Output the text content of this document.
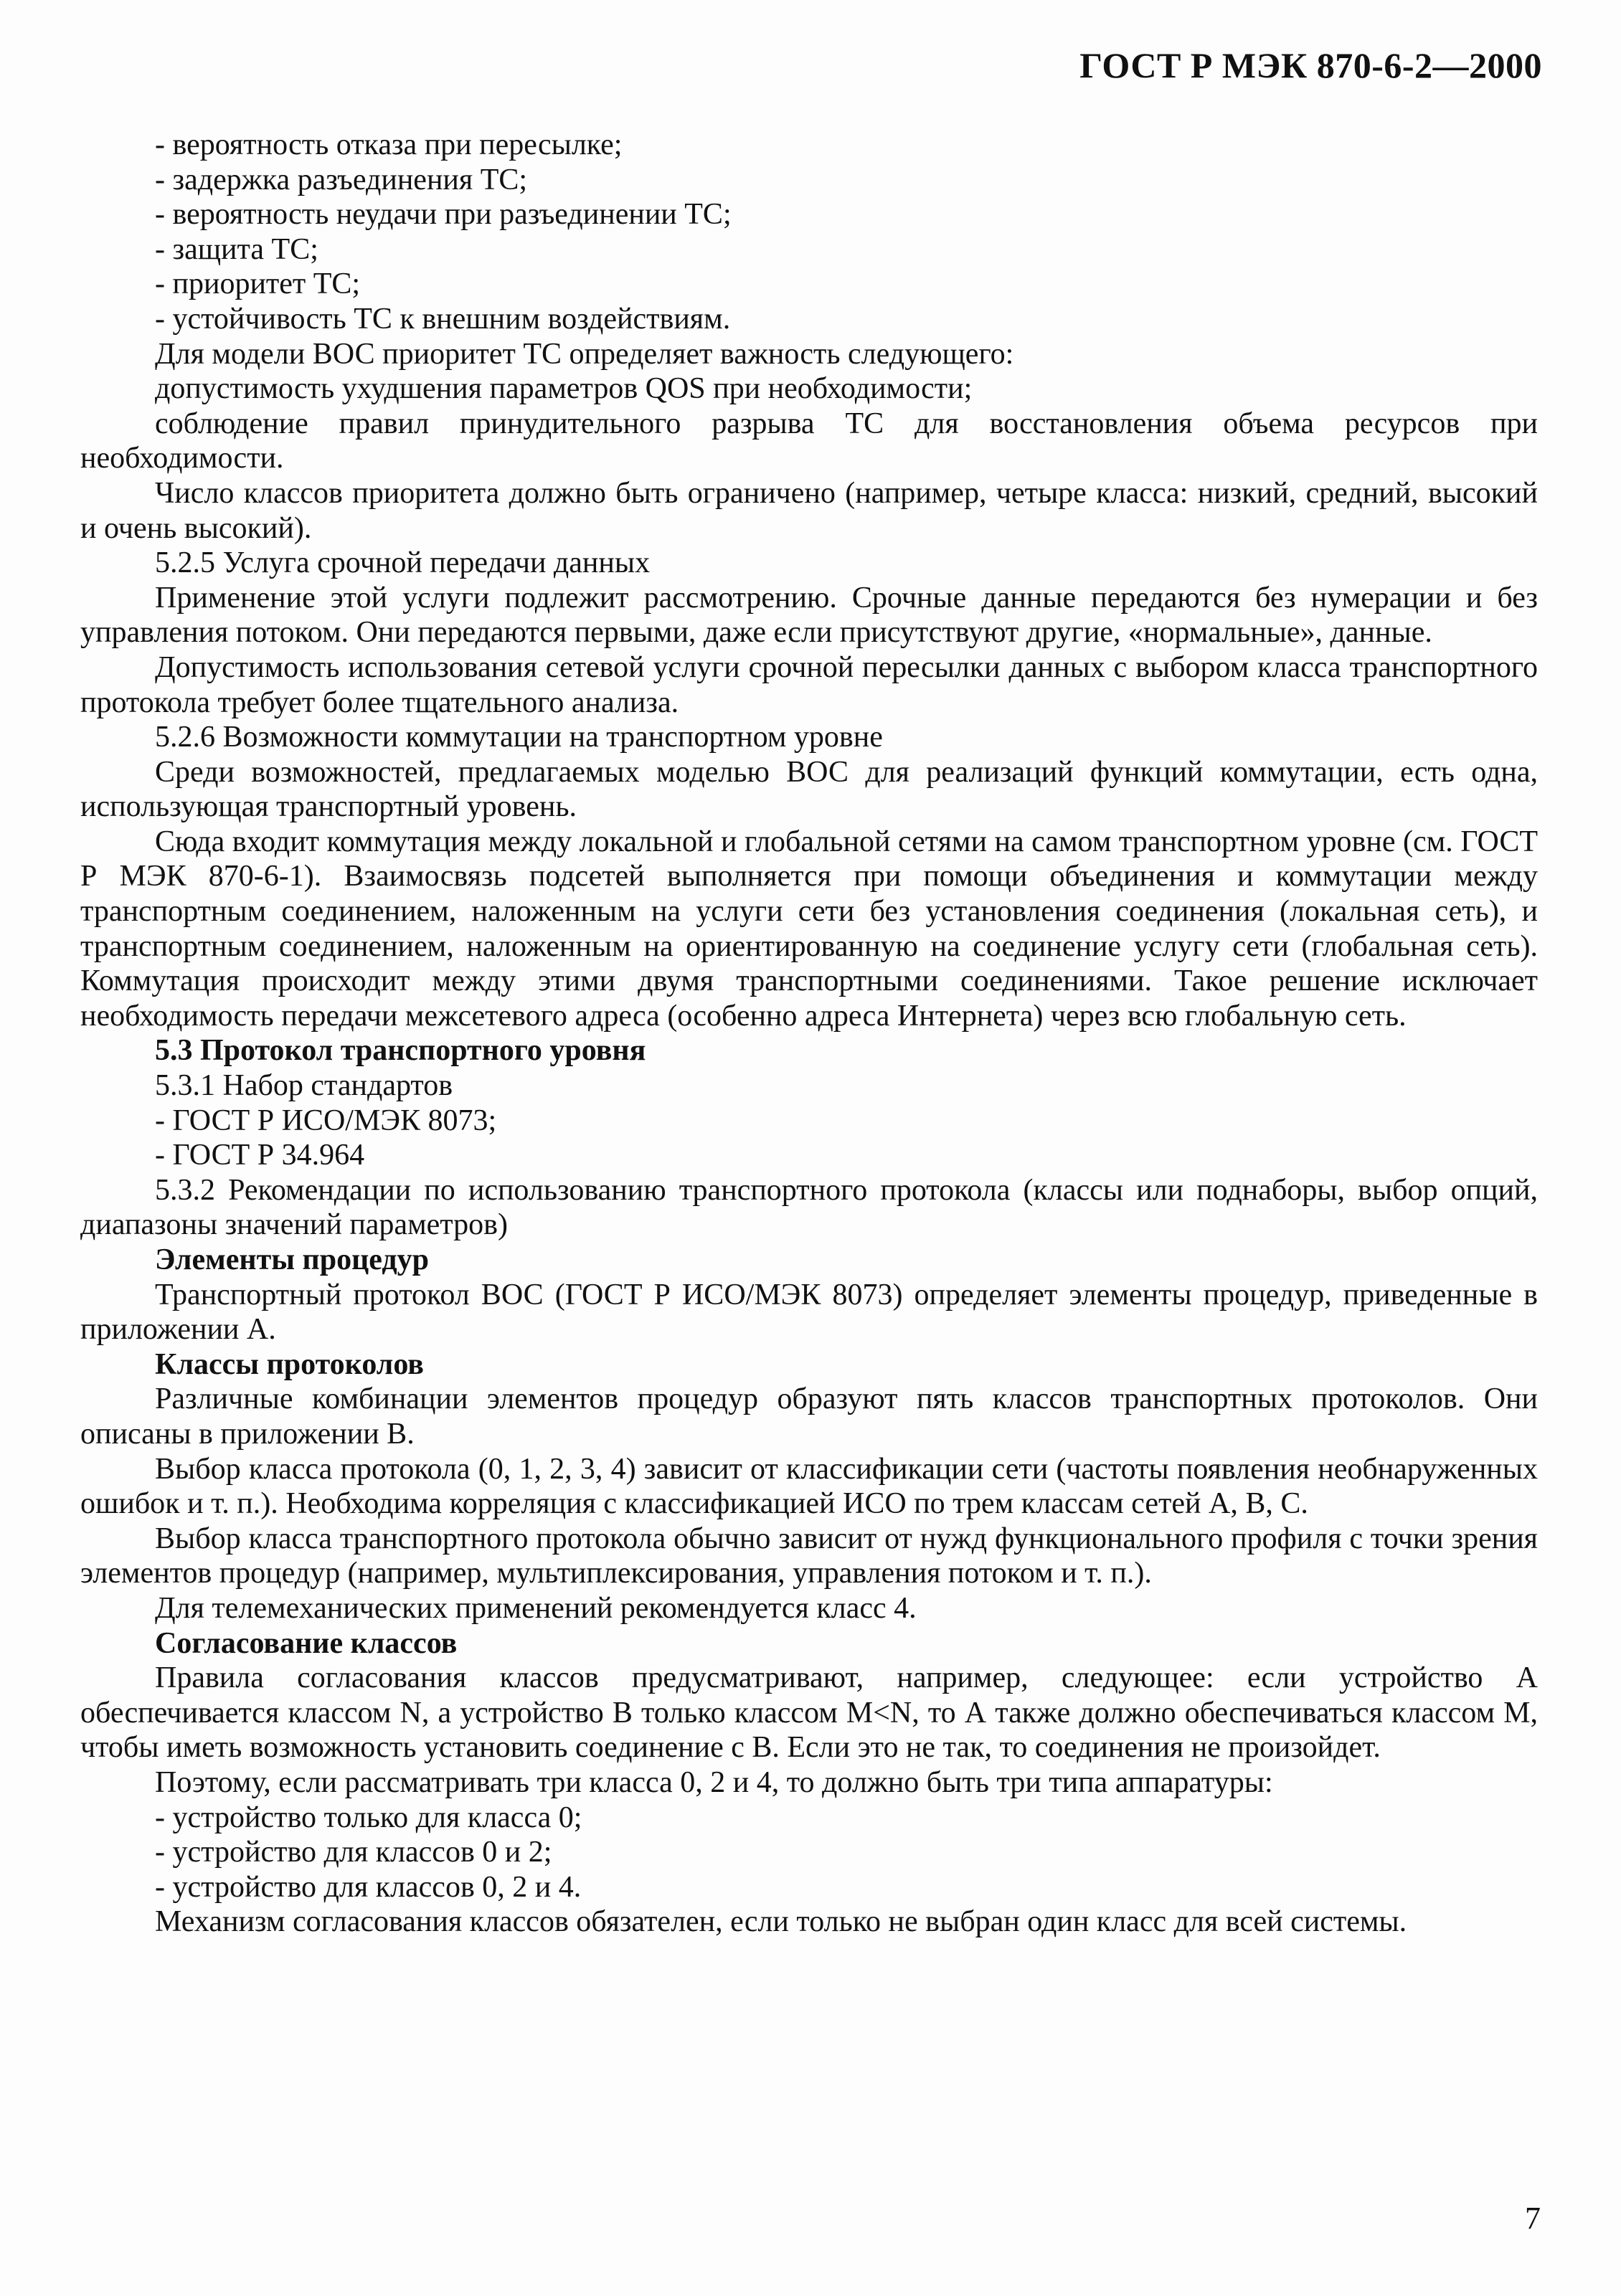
ГОСТ Р МЭК 870-6-2—2000

- вероятность отказа при пересылке;

- задержка разъединения ТС;

- вероятность неудачи при разъединении ТС;

- защита ТС;

- приоритет ТС;

- устойчивость ТС к внешним воздействиям.

Для модели ВОС приоритет ТС определяет важность следующего:

допустимость ухудшения параметров QOS при необходимости;

соблюдение правил принудительного разрыва ТС для восстановления объема ресурсов при необходимости.

Число классов приоритета должно быть ограничено (например, четыре класса: низкий, средний, высокий и очень высокий).

5.2.5 Услуга срочной передачи данных

Применение этой услуги подлежит рассмотрению. Срочные данные передаются без нумерации и без управления потоком. Они передаются первыми, даже если присутствуют другие, «нормальные», данные.

Допустимость использования сетевой услуги срочной пересылки данных с выбором класса транспортного протокола требует более тщательного анализа.

5.2.6 Возможности коммутации на транспортном уровне

Среди возможностей, предлагаемых моделью ВОС для реализаций функций коммутации, есть одна, использующая транспортный уровень.

Сюда входит коммутация между локальной и глобальной сетями на самом транспортном уровне (см. ГОСТ Р МЭК 870-6-1). Взаимосвязь подсетей выполняется при помощи объединения и коммутации между транспортным соединением, наложенным на услуги сети без установления соединения (локальная сеть), и транспортным соединением, наложенным на ориентированную на соединение услугу сети (глобальная сеть). Коммутация происходит между этими двумя транспортными соединениями. Такое решение исключает необходимость передачи межсетевого адреса (особенно адреса Интернета) через всю глобальную сеть.

5.3 Протокол транспортного уровня

5.3.1 Набор стандартов

- ГОСТ Р ИСО/МЭК 8073;

- ГОСТ Р 34.964

5.3.2 Рекомендации по использованию транспортного протокола (классы или поднаборы, выбор опций, диапазоны значений параметров)

Элементы процедур

Транспортный протокол ВОС (ГОСТ Р ИСО/МЭК 8073) определяет элементы процедур, приведенные в приложении А.

Классы протоколов

Различные комбинации элементов процедур образуют пять классов транспортных протоколов. Они описаны в приложении В.

Выбор класса протокола (0, 1, 2, 3, 4) зависит от классификации сети (частоты появления необнаруженных ошибок и т. п.). Необходима корреляция с классификацией ИСО по трем классам сетей А, В, С.

Выбор класса транспортного протокола обычно зависит от нужд функционального профиля с точки зрения элементов процедур (например, мультиплексирования, управления потоком и т. п.).

Для телемеханических применений рекомендуется класс 4.

Согласование классов

Правила согласования классов предусматривают, например, следующее: если устройство А обеспечивается классом N, а устройство В только классом M<N, то А также должно обеспечиваться классом М, чтобы иметь возможность установить соединение с В. Если это не так, то соединения не произойдет.

Поэтому, если рассматривать три класса 0, 2 и 4, то должно быть три типа аппаратуры:

- устройство только для класса 0;

- устройство для классов 0 и 2;

- устройство для классов 0, 2 и 4.

Механизм согласования классов обязателен, если только не выбран один класс для всей системы.

7
